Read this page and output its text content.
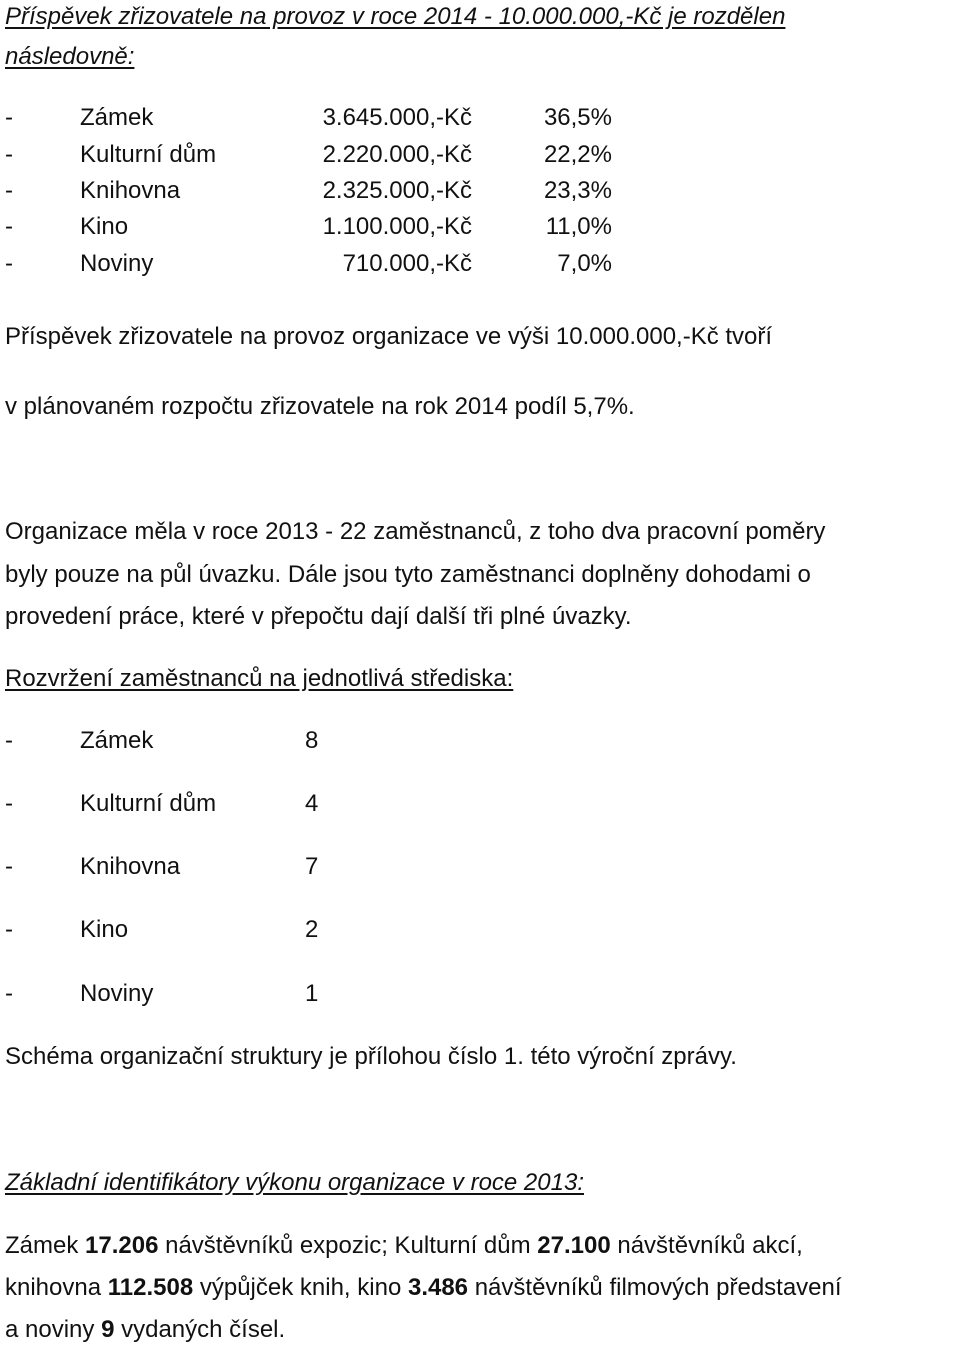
Příspěvek zřizovatele na provoz v roce 2014 - 10.000.000,-Kč je rozdělen
následovně:
-	Zámek	3.645.000,-Kč	36,5%
-	Kulturní dům	2.220.000,-Kč	22,2%
-	Knihovna	2.325.000,-Kč	23,3%
-	Kino	1.100.000,-Kč	11,0%
-	Noviny	710.000,-Kč	7,0%
Příspěvek zřizovatele na provoz organizace ve výši 10.000.000,-Kč tvoří
v plánovaném rozpočtu zřizovatele na rok 2014 podíl 5,7%.
Organizace měla v roce 2013 - 22 zaměstnanců, z toho dva pracovní poměry
byly pouze na půl úvazku. Dále jsou tyto zaměstnanci doplněny dohodami o
provedení práce, které v přepočtu dají další tři plné úvazky.
Rozvržení zaměstnanců na jednotlivá střediska:
-	Zámek	8
-	Kulturní dům	4
-	Knihovna	7
-	Kino	2
-	Noviny	1
Schéma organizační struktury je přílohou číslo 1. této výroční zprávy.
Základní identifikátory výkonu organizace v roce 2013:
Zámek 17.206 návštěvníků expozic; Kulturní dům 27.100 návštěvníků akcí,
knihovna 112.508 výpůjček knih, kino 3.486 návštěvníků filmových představení
a noviny 9 vydaných čísel.
